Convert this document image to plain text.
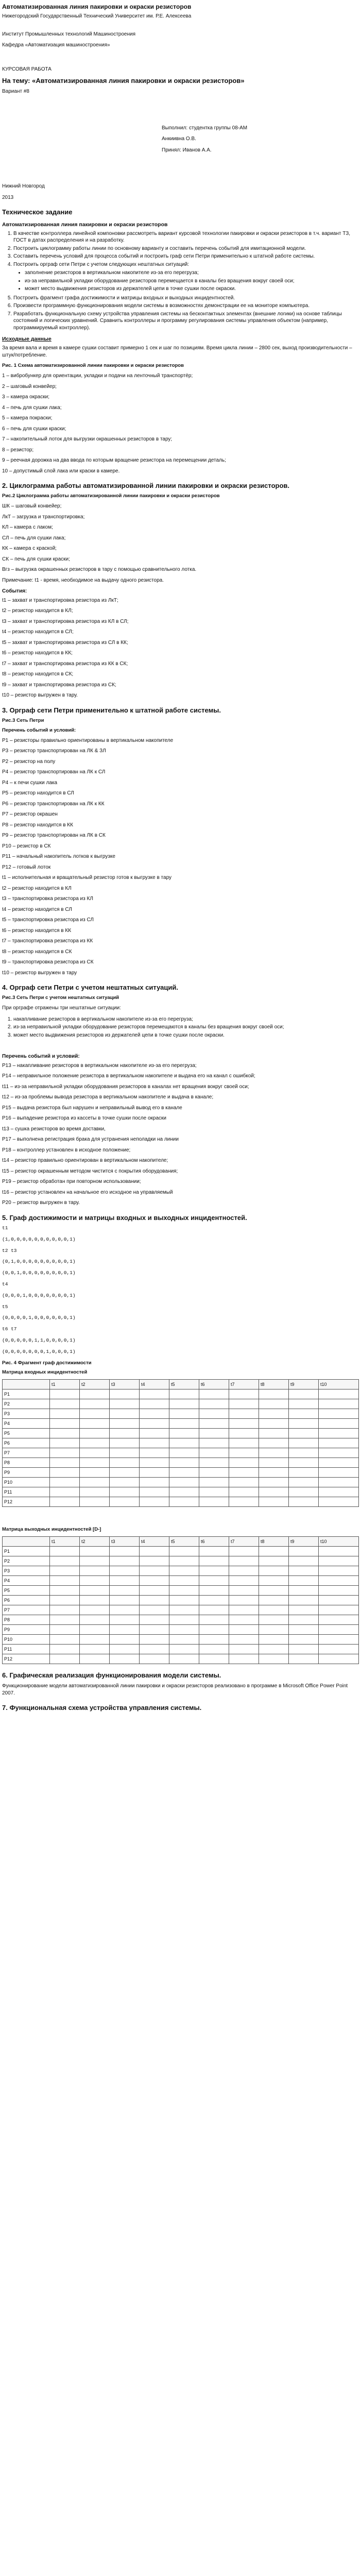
Автоматизированная линия пакировки и окраски резисторов

Нижегородский Государственный Технический Университет им. Р.Е. Алексеева

Институт Промышленных технологий Машиностроения

Кафедра «Автоматизация машиностроения»

КУРСОВАЯ РАБОТА

На тему: «Автоматизированная линия пакировки и окраски резисторов»

Вариант #8

Выполнил: студентка группы 08-АМ

Анкиивна О.В.

Принял: Иванов А.А.

Нижний Новгород

2013

Техническое задание
Автоматизированная линия пакировки и окраски резисторов
1. В качестве контроллера линейной компоновки рассмотреть вариант курсовой технологии пакировки и окраски резисторов в т.ч. вариант ТЗ, ГОСТ в датах распределения и на разработку.
2. Построить циклограмму работы линии по основному варианту и составить перечень событий для имитационной модели.
3. Составить перечень условий для процесса событий и построить граф сети Петри применительно к штатной работе системы.
4. Построить орграф сети Петри с учетом следующих нештатных ситуаций:
• заполнение резисторов в вертикальном накопителе из-за его перегруза;
• из-за неправильной укладки оборудование резисторов перемещается в каналы без вращения вокруг своей оси;
• может место выдвижения резисторов из держателей цепи в точке сушки после окраски.
5. Построить фрагмент графа достижимости и матрицы входных и выходных инцидентностей.
6. Произвести программную функционирования модели системы в возможностях демонстрации ее на мониторе компьютера.
7. Разработать функциональную схему устройства управления системы на бесконтактных элементах (внешние логики) на основе таблицы состояний и логических уравнений. Сравнить контроллеры и программу регулирования системы управления объектом (например, программируемый контроллер).
Исходные данные

За время вала и время в камере сушки составит примерно 1 сек и шаг по позициям. Время цикла линии – 2800 сек, выход производительности – штук/потребление.

Рис. 1 Схема автоматизированной линии пакировки и окраски резисторов
1 – вибробункер для ориентации, укладки и подачи на ленточный транспортёр;
2 – шаговый конвейер;
3 – камера окраски;
4 – печь для сушки лака;
5 – камера покраски;
6 – печь для сушки краски;
7 – накопительный лоток для выгрузки окрашенных резисторов в тару;
8 – резистор;
9 – реечная дорожка на два ввода по которым вращение резистора на перемещении деталь;
10 – допустимый слой лака или краски в камере.
2. Циклограмма работы автоматизированной линии пакировки и окраски резисторов.
Рис.2 Циклограмма работы автоматизированной линии пакировки и окраски резисторов
ШК – шаговый конвейер;
ЛкТ – загрузка и транспортировка;
КЛ – камера с лаком;
СЛ – печь для сушки лака;
КК – камера с краской;
СК – печь для сушки краски;
Вгз – выгрузка окрашенных резисторов в тару с помощью сравнительного лотка.

Примечание: t1 - время, необходимое на выдачу одного резистора.

События:
t1 – захват и транспортировка резистора из ЛкТ;
t2 – резистор находится в КЛ;
t3 – захват и транспортировка резистора из КЛ в СЛ;
t4 – резистор находится в СЛ;
t5 – захват и транспортировка резистора из СЛ в КК;
t6 – резистор находится в КК;
t7 – захват и транспортировка резистора из КК в СК;
t8 – резистор находится в СК;
t9 – захват и транспортировка резистора из СК;
t10 – резистор выгружен в тару.
3. Орграф сети Петри применительно к штатной работе системы.
Рис.3 Сеть Петри
Перечень событий и условий:
Р1 – резисторы правильно ориентированы в вертикальном накопителе
Р3 – резистор транспортирован на ЛК & ЗЛ
Р2 – резистор на полу
Р4 – резистор транспортирован на ЛК к СЛ
Р4 – к печи сушки лака
Р5 – резистор находится в СЛ
Р6 – резистор транспортирован на ЛК к КК
Р7 – резистор окрашен
Р8 – резистор находится в КК
Р9 – резистор транспортирован на ЛК в СК
Р10 – резистор в СК
Р11 – начальный накопитель лотков к выгрузке
Р12 – готовый лоток
t1 – исполнительная и вращательный резистор готов к выгрузке в тару
t2 – резистор находится в КЛ
t3 – транспортировка резистора из КЛ
t4 – резистор находится в СЛ
t5 – транспортировка резистора из СЛ
t6 – резистор находится в КК
t7 – транспортировка резистора из КК
t8 – резистор находится в СК
t9 – транспортировка резистора из СК
t10 – резистор выгружен в тару
4. Орграф сети Петри с учетом нештатных ситуаций.
Рис.3 Сеть Петри с учетом нештатных ситуаций

При орграфе отражены три нештатные ситуации:

1. накапливание резисторов в вертикальном накопителе из-за его перегруза;
2. из-за неправильной укладки оборудование резисторов перемещаются в каналы без вращения вокруг своей оси;
3. может место выдвижения резисторов из держателей цепи в точке сушки после окраски.
Перечень событий и условий:
Р13 – накапливание резисторов в вертикальном накопителе из-за его перегруза;
Р14 – неправильное положение резистора в вертикальном накопителе и выдача его на канал с ошибкой;
t11 – из-за неправильной укладки оборудования резисторов в каналах нет вращения вокруг своей оси;
t12 – из-за проблемы вывода резистора в вертикальном накопителе и выдача в канале;
Р15 – выдача резистора был нарушен и неправильный вывод его в канале
Р16 – выпадение резистора из кассеты в точке сушки после окраски
t13 – сушка резисторов во время доставки,
Р17 – выполнена регистрация брака для устранения неполадки на линии
Р18 – контроллер установлен в исходное положение;
t14 – резистор правильно ориентирован в вертикальном накопителе;
t15 – резистор окрашенным методом чистится с покрытия оборудования;
Р19 – резистор обработан при повторном использовании;
t16 – резистор установлен на начальное его исходное на управляемый
Р20 – резистор выгружен в тару.
5. Граф достижимости и матрицы входных и выходных инцидентностей.
t1
(1,0,0,0,0,0,0,0,0,0,0,1)
t2 t3
(0,1,0,0,0,0,0,0,0,0,0,1)
(0,0,1,0,0,0,0,0,0,0,0,1)
t4
(0,0,0,1,0,0,0,0,0,0,0,1)
t5
(0,0,0,0,1,0,0,0,0,0,0,1)
t6 t7
(0,0,0,0,0,1,1,0,0,0,0,1)
(0,0,0,0,0,0,0,1,0,0,0,1)
Рис. 4 Фрагмент граф достижимости
Матрица входных инцидентностей
	t1	t2	t3	t4	t5	t6	t7	t8	t9	t10
P1										
P2										
P3										
P4										
P5										
P6										
P7										
P8										
P9										
P10										
P11										
P12										
Матрица выходных инцидентностей [D-]
	t1	t2	t3	t4	t5	t6	t7	t8	t9	t10
P1										
P2										
P3										
P4										
P5										
P6										
P7										
P8										
P9										
P10										
P11										
P12										
6. Графическая реализация функционирования модели системы.

Функционирование модели автоматизированной линии пакировки и окраски резисторов реализовано в программе в Microsoft Office Power Point 2007.

7. Функциональная схема устройства управления системы.
